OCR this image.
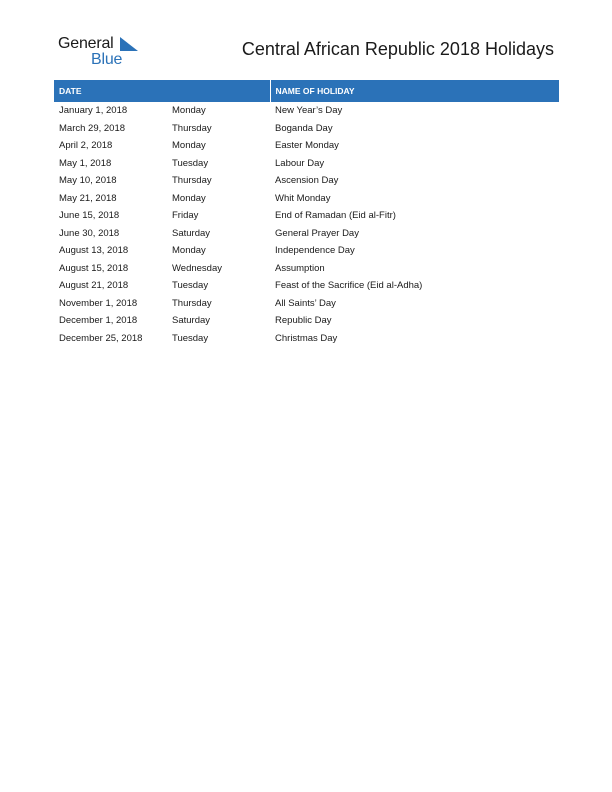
General
Blue
Central African Republic 2018 Holidays
DATE		NAME OF HOLIDAY
January 1, 2018	Monday	New Year’s Day
March 29, 2018	Thursday	Boganda Day
April 2, 2018	Monday	Easter Monday
May 1, 2018	Tuesday	Labour Day
May 10, 2018	Thursday	Ascension Day
May 21, 2018	Monday	Whit Monday
June 15, 2018	Friday	End of Ramadan (Eid al-Fitr)
June 30, 2018	Saturday	General Prayer Day
August 13, 2018	Monday	Independence Day
August 15, 2018	Wednesday	Assumption
August 21, 2018	Tuesday	Feast of the Sacrifice (Eid al-Adha)
November 1, 2018	Thursday	All Saints’ Day
December 1, 2018	Saturday	Republic Day
December 25, 2018	Tuesday	Christmas Day
